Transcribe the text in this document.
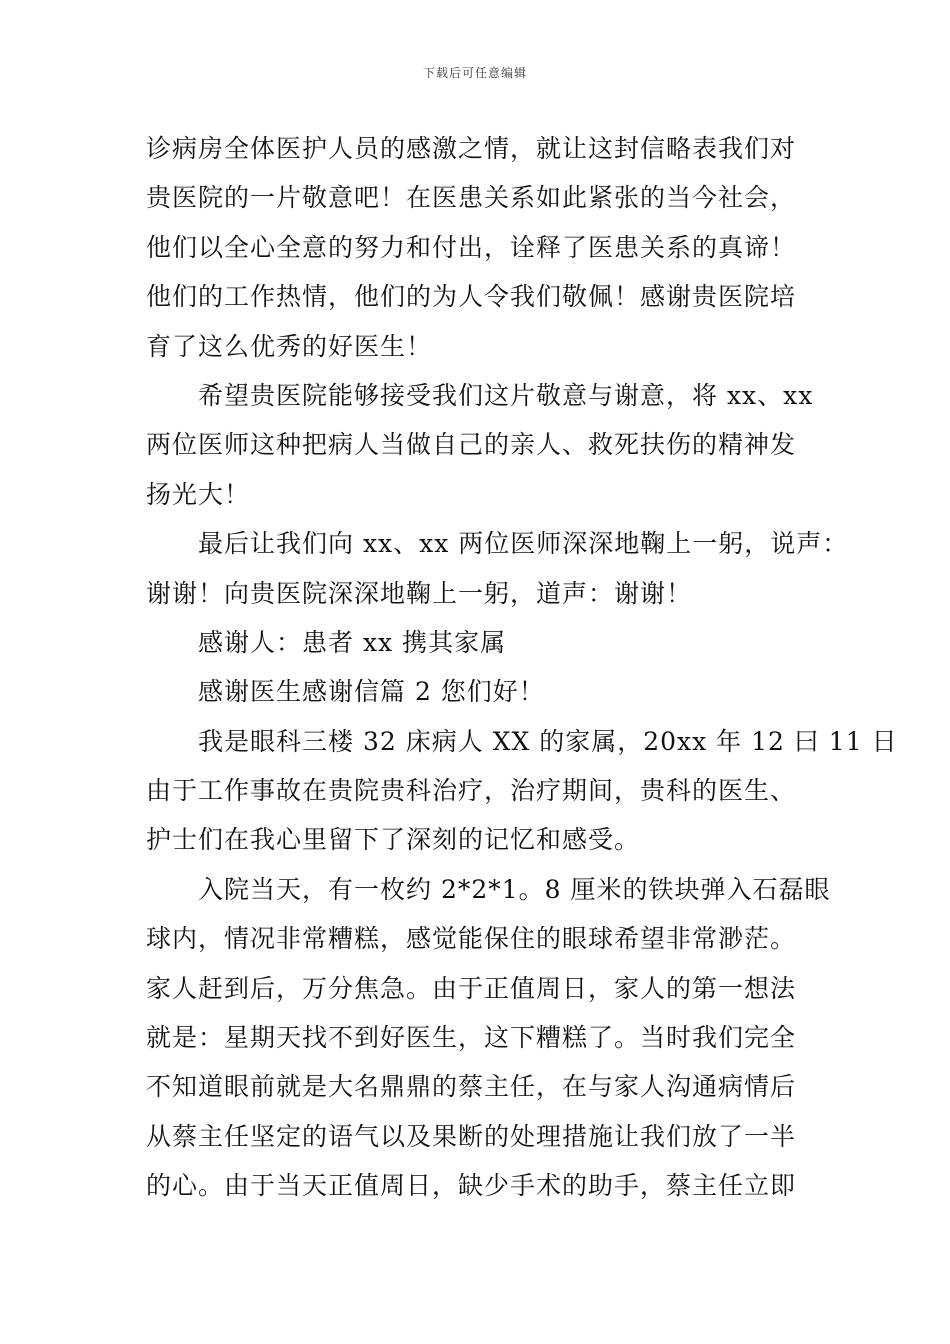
下载后可任意编辑
诊病房全体医护人员的感激之情，就让这封信略表我们对
贵医院的一片敬意吧！在医患关系如此紧张的当今社会，
他们以全心全意的努力和付出，诠释了医患关系的真谛！
他们的工作热情，他们的为人令我们敬佩！感谢贵医院培
育了这么优秀的好医生！
希望贵医院能够接受我们这片敬意与谢意，将 xx、xx
两位医师这种把病人当做自己的亲人、救死扶伤的精神发
扬光大！
最后让我们向 xx、xx 两位医师深深地鞠上一躬，说声：
谢谢！向贵医院深深地鞠上一躬，道声：谢谢！
感谢人：患者 xx 携其家属
感谢医生感谢信篇 2 您们好！
我是眼科三楼 32 床病人 XX 的家属，20xx 年 12 曰 11 日
由于工作事故在贵院贵科治疗，治疗期间，贵科的医生、
护士们在我心里留下了深刻的记忆和感受。
入院当天，有一枚约 2*2*1。8 厘米的铁块弹入石磊眼
球内，情况非常糟糕，感觉能保住的眼球希望非常渺茫。
家人赶到后，万分焦急。由于正值周日，家人的第一想法
就是：星期天找不到好医生，这下糟糕了。当时我们完全
不知道眼前就是大名鼎鼎的蔡主任，在与家人沟通病情后
从蔡主任坚定的语气以及果断的处理措施让我们放了一半
的心。由于当天正值周日，缺少手术的助手，蔡主任立即
